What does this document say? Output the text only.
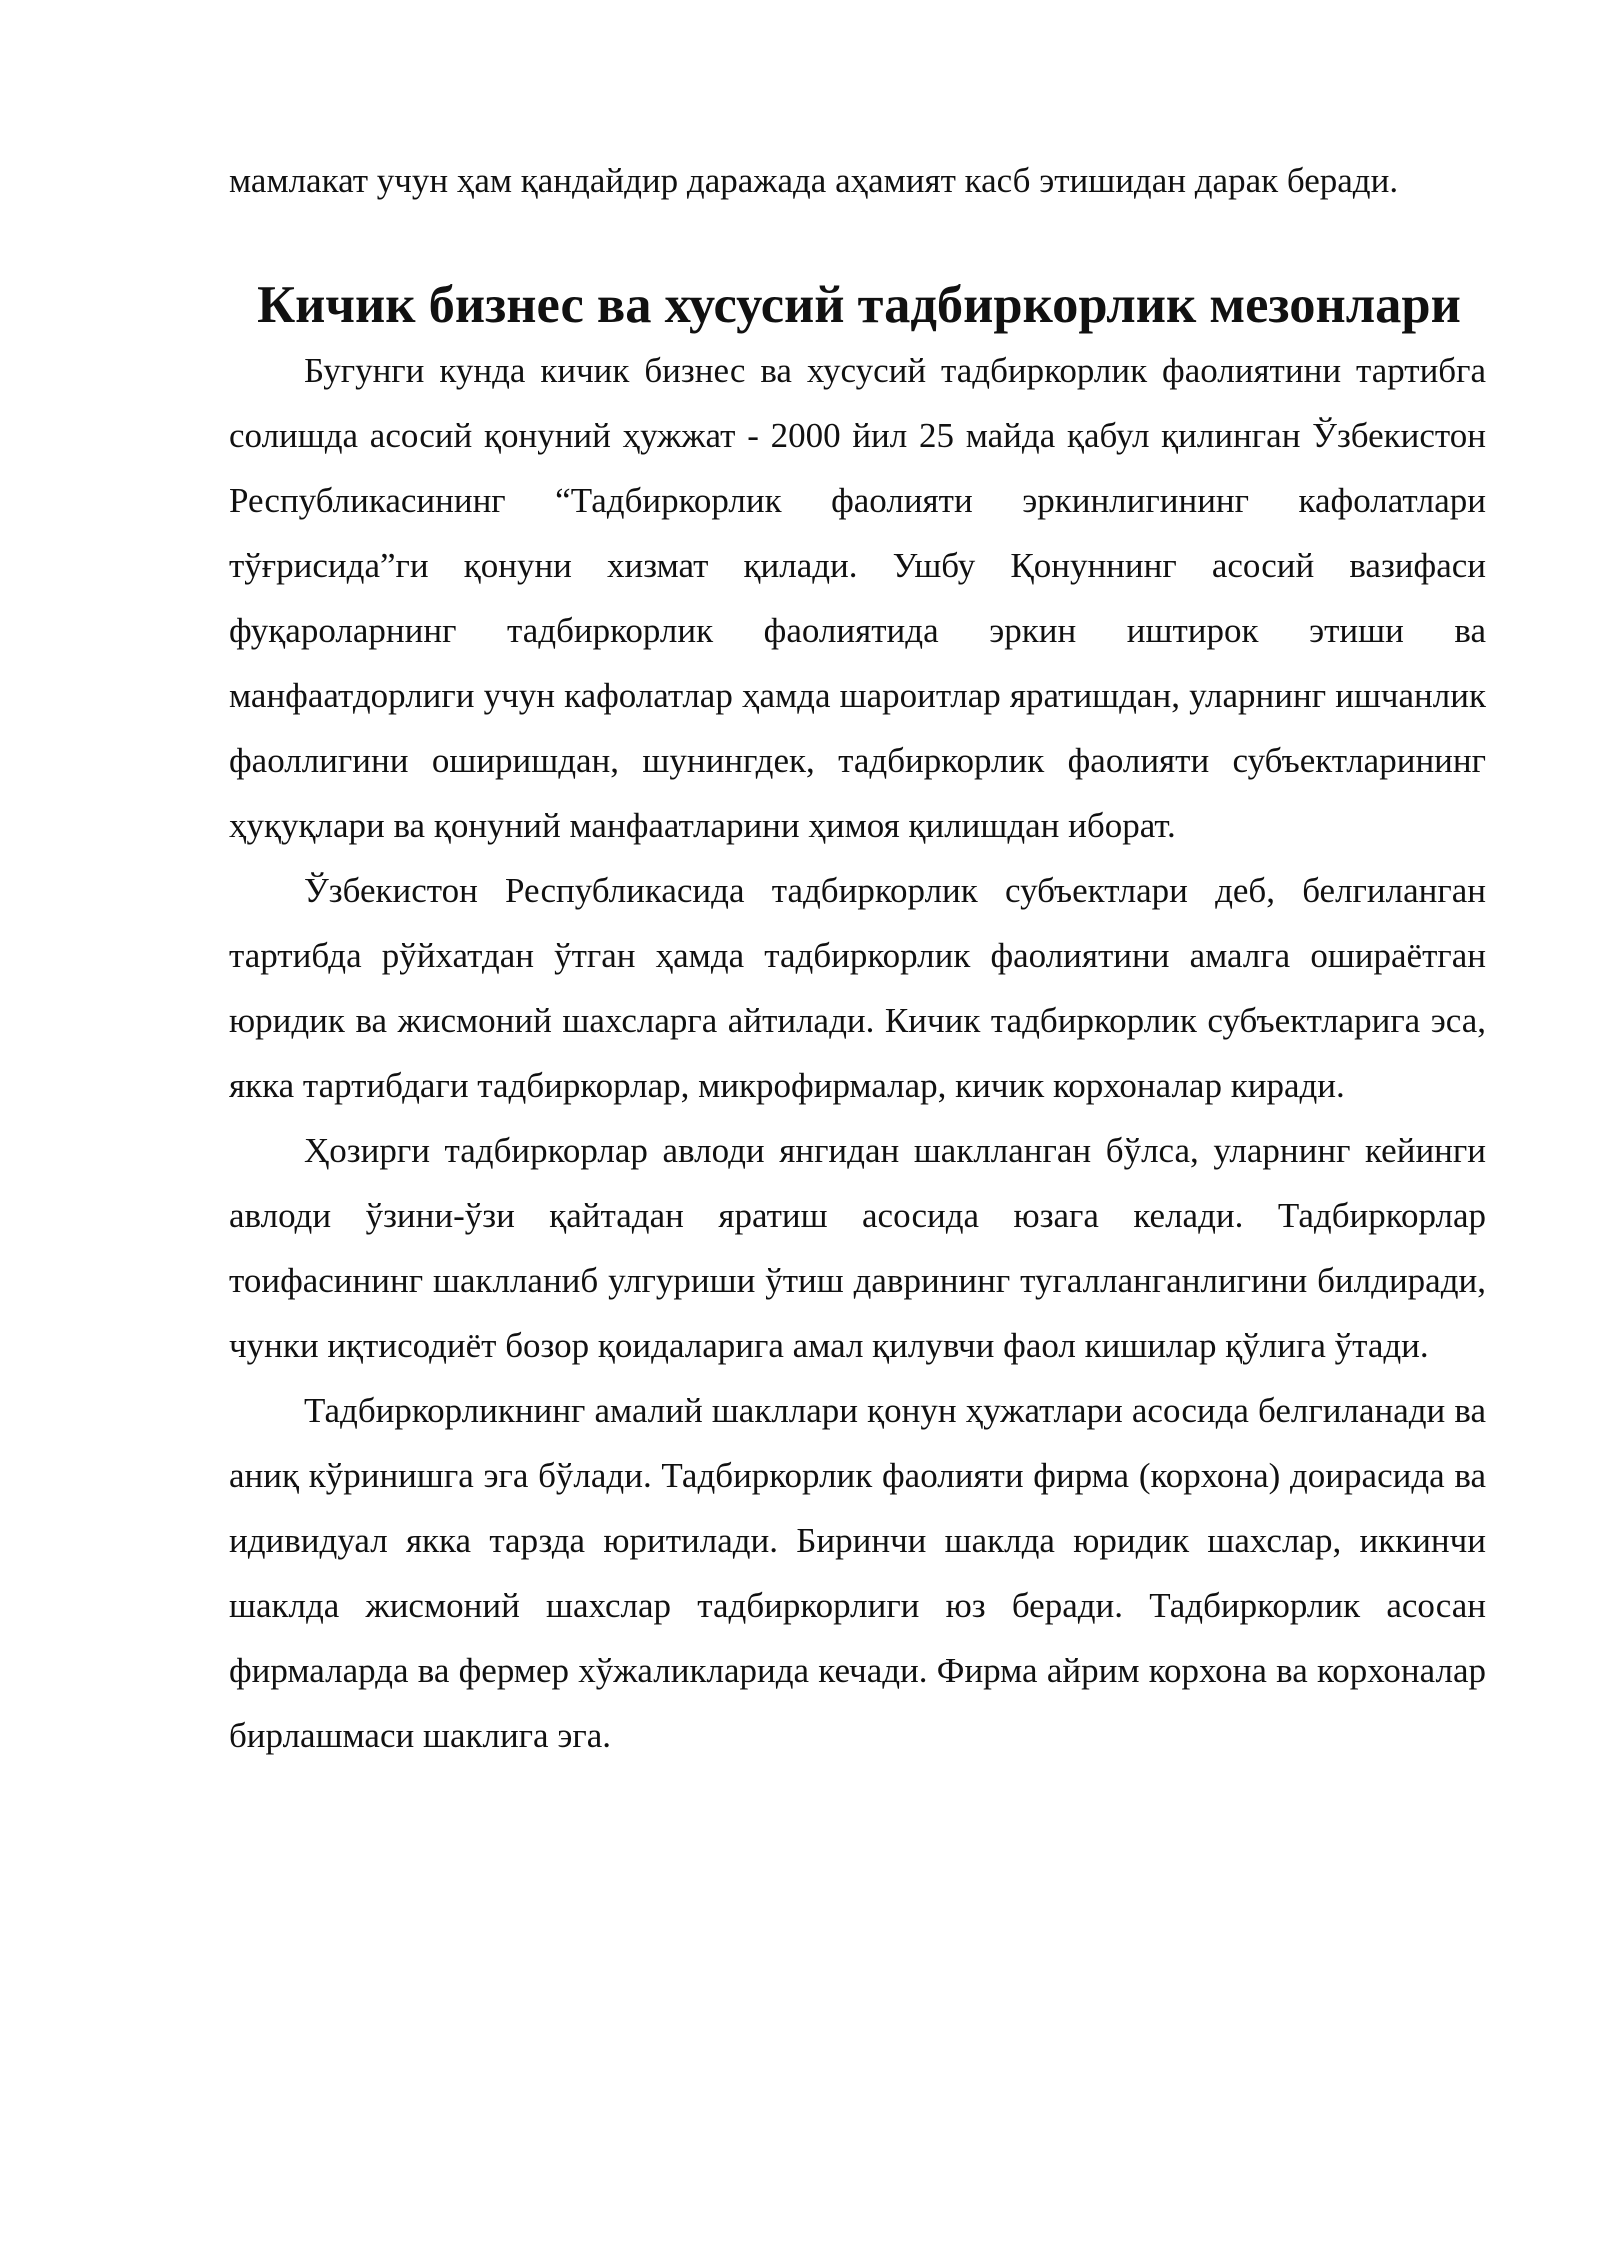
мамлакат учун ҳам қандайдир даражада аҳамият касб этишидан дарак беради.

Кичик бизнес ва хусусий тадбиркорлик мезонлари

Бугунги кунда кичик бизнес ва хусусий тадбиркорлик фаолиятини тартибга солишда асосий қонуний ҳужжат - 2000 йил 25 майда қабул қилинган Ўзбекистон Республикасининг “Тадбиркорлик фаолияти эркинлигининг кафолатлари тўғрисида”ги қонуни хизмат қилади. Ушбу Қонуннинг асосий вазифаси фуқароларнинг тадбиркорлик фаолиятида эркин иштирок этиши ва манфаатдорлиги учун кафолатлар ҳамда шароитлар яратишдан, уларнинг ишчанлик фаоллигини оширишдан, шунингдек, тадбиркорлик фаолияти субъектларининг ҳуқуқлари ва қонуний манфаатларини ҳимоя қилишдан иборат.

Ўзбекистон Республикасида тадбиркорлик субъектлари деб, белгиланган тартибда рўйхатдан ўтган ҳамда тадбиркорлик фаолиятини амалга ошираётган юридик ва жисмоний шахсларга айтилади. Кичик тадбиркорлик субъектларига эса, якка тартибдаги тадбиркорлар, микрофирмалар, кичик корхоналар киради.

Ҳозирги тадбиркорлар авлоди янгидан шаклланган бўлса, уларнинг кейинги авлоди ўзини-ўзи қайтадан яратиш асосида юзага келади. Тадбиркорлар тоифасининг шаклланиб улгуриши ўтиш даврининг тугалланганлигини билдиради, чунки иқтисодиёт бозор қоидаларига амал қилувчи фаол кишилар қўлига ўтади.

Тадбиркорликнинг амалий шакллари қонун ҳужатлари асосида белгиланади ва аниқ кўринишга эга бўлади. Тадбиркорлик фаолияти фирма (корхона) доирасида ва идивидуал якка тарзда юритилади. Биринчи шаклда юридик шахслар, иккинчи шаклда жисмоний шахслар тадбиркорлиги юз беради. Тадбиркорлик асосан фирмаларда ва фермер хўжаликларида кечади. Фирма айрим корхона ва корхоналар бирлашмаси шаклига эга.
